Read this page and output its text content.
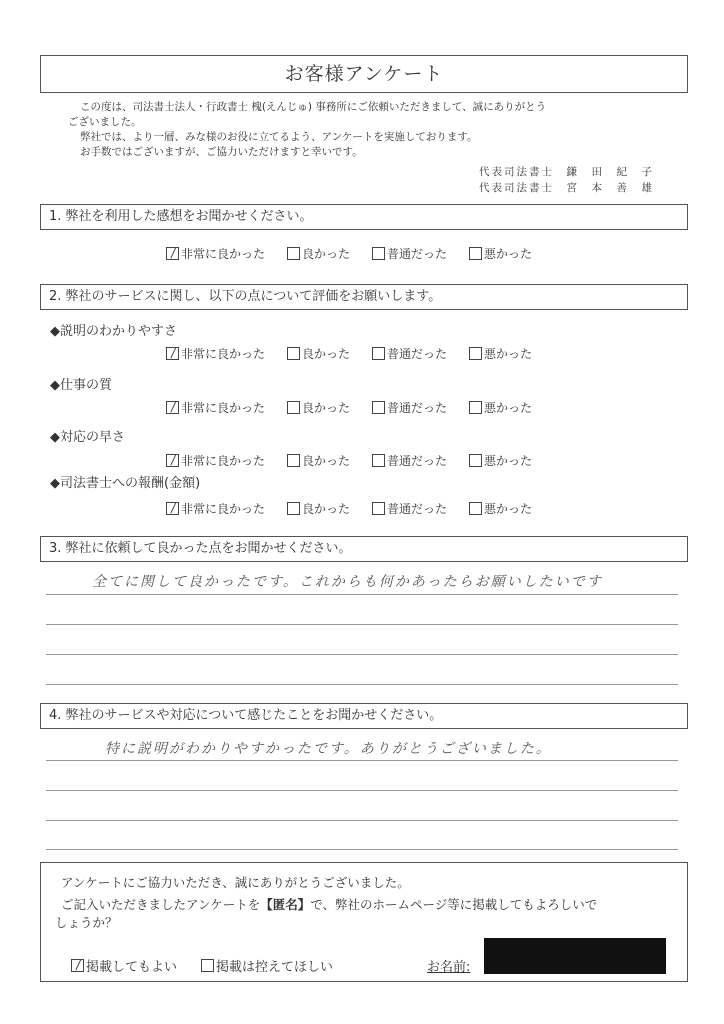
お客様アンケート

この度は、司法書士法人・行政書士 槐(えんじゅ) 事務所にご依頼いただきまして、誠にありがとう

ございました。

弊社では、より一層、みな様のお役に立てるよう、アンケートを実施しております。

お手数ではございますが、ご協力いただけますと幸いです。

代表司法書士　鎌　田　紀　子
代表司法書士　宮　本　善　雄
1. 弊社を利用した感想をお聞かせください。
非常に良かった	良かった	普通だった	悪かった
2. 弊社のサービスに関し、以下の点について評価をお願いします。
◆説明のわかりやすさ
非常に良かった	良かった	普通だった	悪かった
◆仕事の質
非常に良かった	良かった	普通だった	悪かった
◆対応の早さ
非常に良かった	良かった	普通だった	悪かった
◆司法書士への報酬(金額)
非常に良かった	良かった	普通だった	悪かった
3. 弊社に依頼して良かった点をお聞かせください。
全てに関して良かったです。これからも何かあったらお願いしたいです
4. 弊社のサービスや対応について感じたことをお聞かせください。
特に説明がわかりやすかったです。ありがとうございました。
アンケートにご協力いただき、誠にありがとうございました。
ご記入いただきましたアンケートを【匿名】で、弊社のホームページ等に掲載してもよろしいで
しょうか？
掲載してもよい	掲載は控えてほしい	お名前:
